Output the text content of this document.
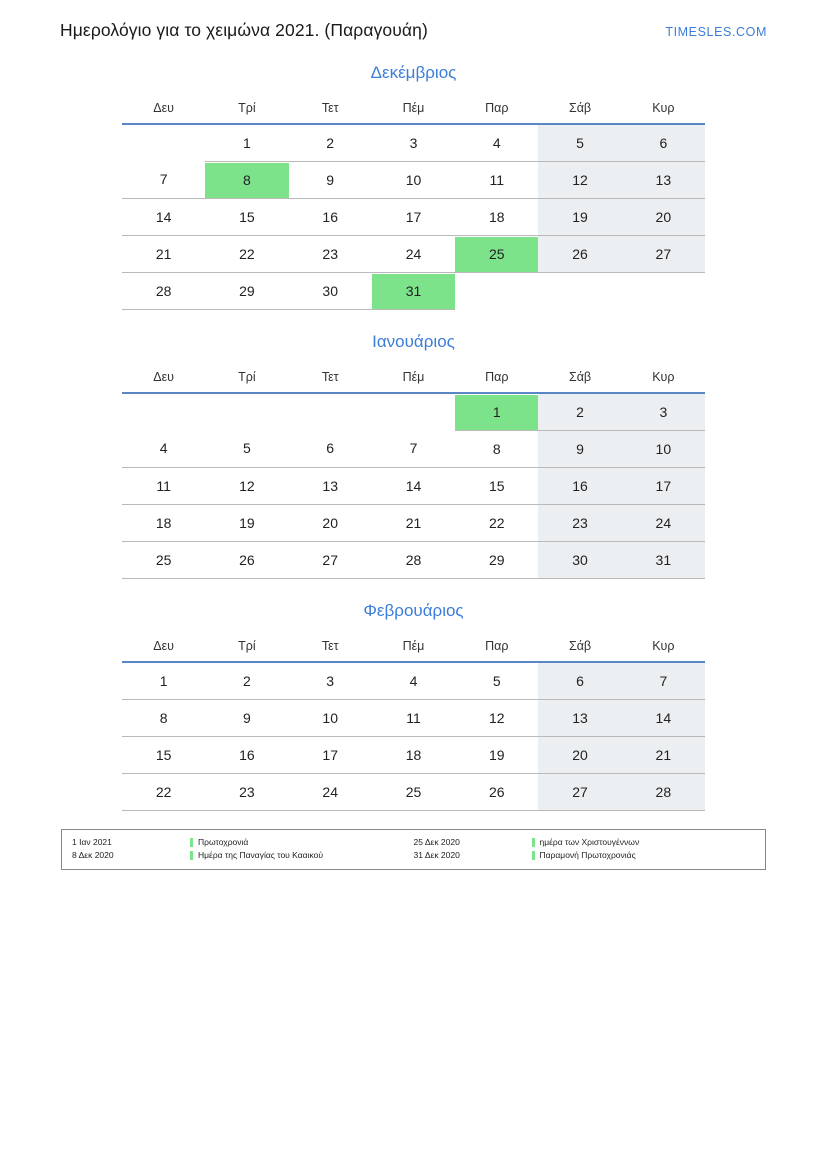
Ημερολόγιο για το χειμώνα 2021. (Παραγουάη)	TIMESLES.COM
Δεκέμβριος
Δευ	Τρί	Τετ	Πέμ	Παρ	Σάβ	Κυρ

	1	2	3	4	5	6

7	8	9	10	11	12	13

14	15	16	17	18	19	20

21	22	23	24	25	26	27

28	29	30	31			

Ιανουάριος
Δευ	Τρί	Τετ	Πέμ	Παρ	Σάβ	Κυρ

				1	2	3

4	5	6	7	8	9	10

11	12	13	14	15	16	17

18	19	20	21	22	23	24

25	26	27	28	29	30	31
Φεβρουάριος
Δευ	Τρί	Τετ	Πέμ	Παρ	Σάβ	Κυρ

1	2	3	4	5	6	7

8	9	10	11	12	13	14

15	16	17	18	19	20	21

22	23	24	25	26	27	28
1 Ιαν 2021	Πρωτοχρονιά
8 Δεκ 2020	Ημέρα της Παναγίας του Κααικού
25 Δεκ 2020	ημέρα των Χριστουγέννων
31 Δεκ 2020	Παραμονή Πρωτοχρονιάς
